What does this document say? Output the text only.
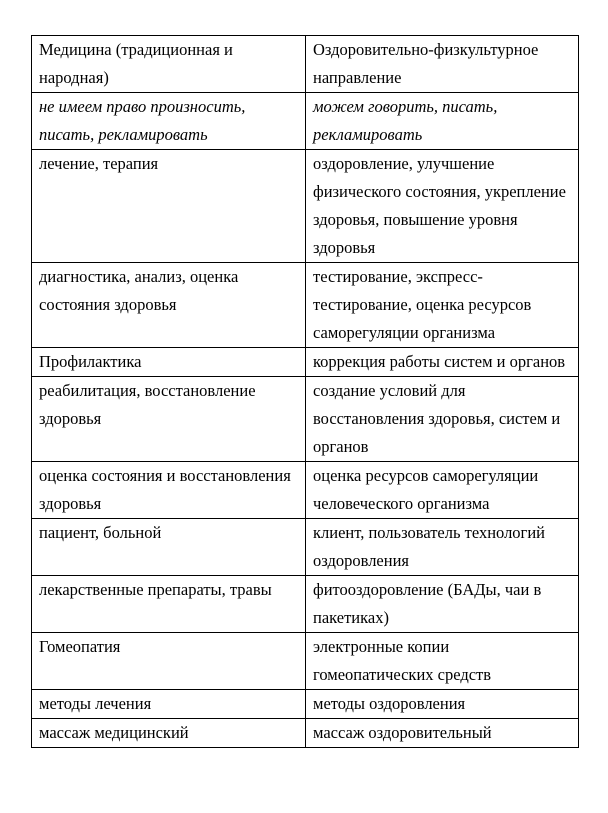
Медицина (традиционная и народная)	Оздоровительно-физкультурное направление
не имеем право произносить, писать, рекламировать	можем говорить, писать, рекламировать
лечение, терапия	оздоровление, улучшение физического состояния, укрепление здоровья, повышение уровня здоровья
диагностика, анализ, оценка состояния здоровья	тестирование, экспресс-тестирование, оценка ресурсов саморегуляции организма
Профилактика	коррекция работы систем и органов
реабилитация, восстановление здоровья	создание условий для восстановления здоровья, систем и органов
оценка состояния и восстановления здоровья	оценка ресурсов саморегуляции человеческого организма
пациент, больной	клиент, пользователь технологий оздоровления
лекарственные препараты, травы	фитооздоровление (БАДы, чаи в пакетиках)
Гомеопатия	электронные копии гомеопатических средств
методы лечения	методы оздоровления
массаж медицинский	массаж оздоровительный
